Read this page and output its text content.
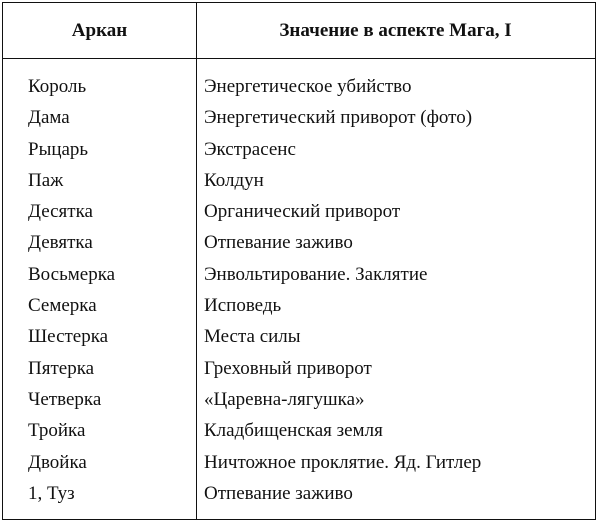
Аркан	Значение в аспекте Мага, I
Король	Энергетическое убийство
Дама	Энергетический приворот (фото)
Рыцарь	Экстрасенс
Паж	Колдун
Десятка	Органический приворот
Девятка	Отпевание заживо
Восьмерка	Энвольтирование. Заклятие
Семерка	Исповедь
Шестерка	Места силы
Пятерка	Греховный приворот
Четверка	«Царевна-лягушка»
Тройка	Кладбищенская земля
Двойка	Ничтожное проклятие. Яд. Гитлер
1, Туз	Отпевание заживо
